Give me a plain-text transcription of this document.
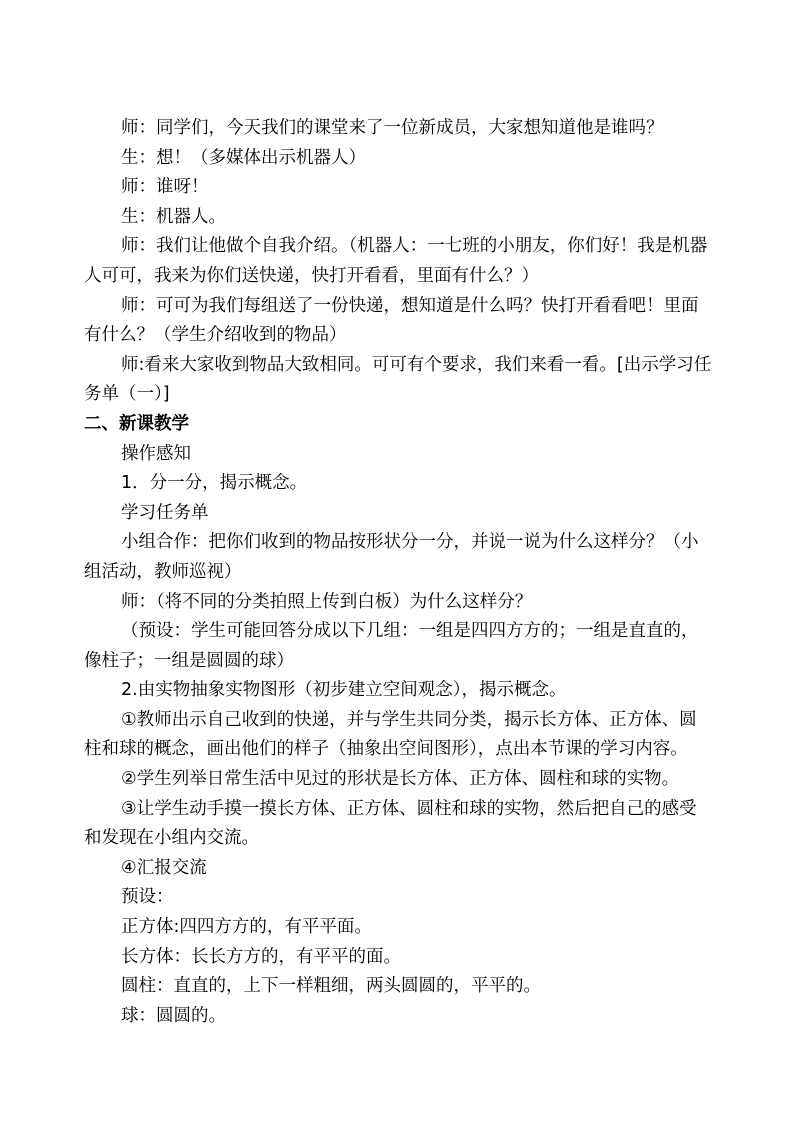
师：同学们，今天我们的课堂来了一位新成员，大家想知道他是谁吗？

生：想！（多媒体出示机器人）

师：谁呀！

生：机器人。

师：我们让他做个自我介绍。（机器人：一七班的小朋友，你们好！我是机器人可可，我来为你们送快递，快打开看看，里面有什么？）

师：可可为我们每组送了一份快递，想知道是什么吗？快打开看看吧！里面有什么？（学生介绍收到的物品）

师:看来大家收到物品大致相同。可可有个要求，我们来看一看。[出示学习任务单（一）]

二、新课教学

操作感知

1．分一分，揭示概念。

学习任务单

小组合作：把你们收到的物品按形状分一分，并说一说为什么这样分？（小组活动，教师巡视）

师：（将不同的分类拍照上传到白板）为什么这样分？

（预设：学生可能回答分成以下几组：一组是四四方方的；一组是直直的，像柱子；一组是圆圆的球）

2.由实物抽象实物图形（初步建立空间观念），揭示概念。

①教师出示自己收到的快递，并与学生共同分类，揭示长方体、正方体、圆柱和球的概念，画出他们的样子（抽象出空间图形），点出本节课的学习内容。

②学生列举日常生活中见过的形状是长方体、正方体、圆柱和球的实物。

③让学生动手摸一摸长方体、正方体、圆柱和球的实物，然后把自己的感受和发现在小组内交流。

④汇报交流

预设：

正方体:四四方方的，有平平面。

长方体：长长方方的，有平平的面。

圆柱：直直的，上下一样粗细，两头圆圆的，平平的。

球：圆圆的。
